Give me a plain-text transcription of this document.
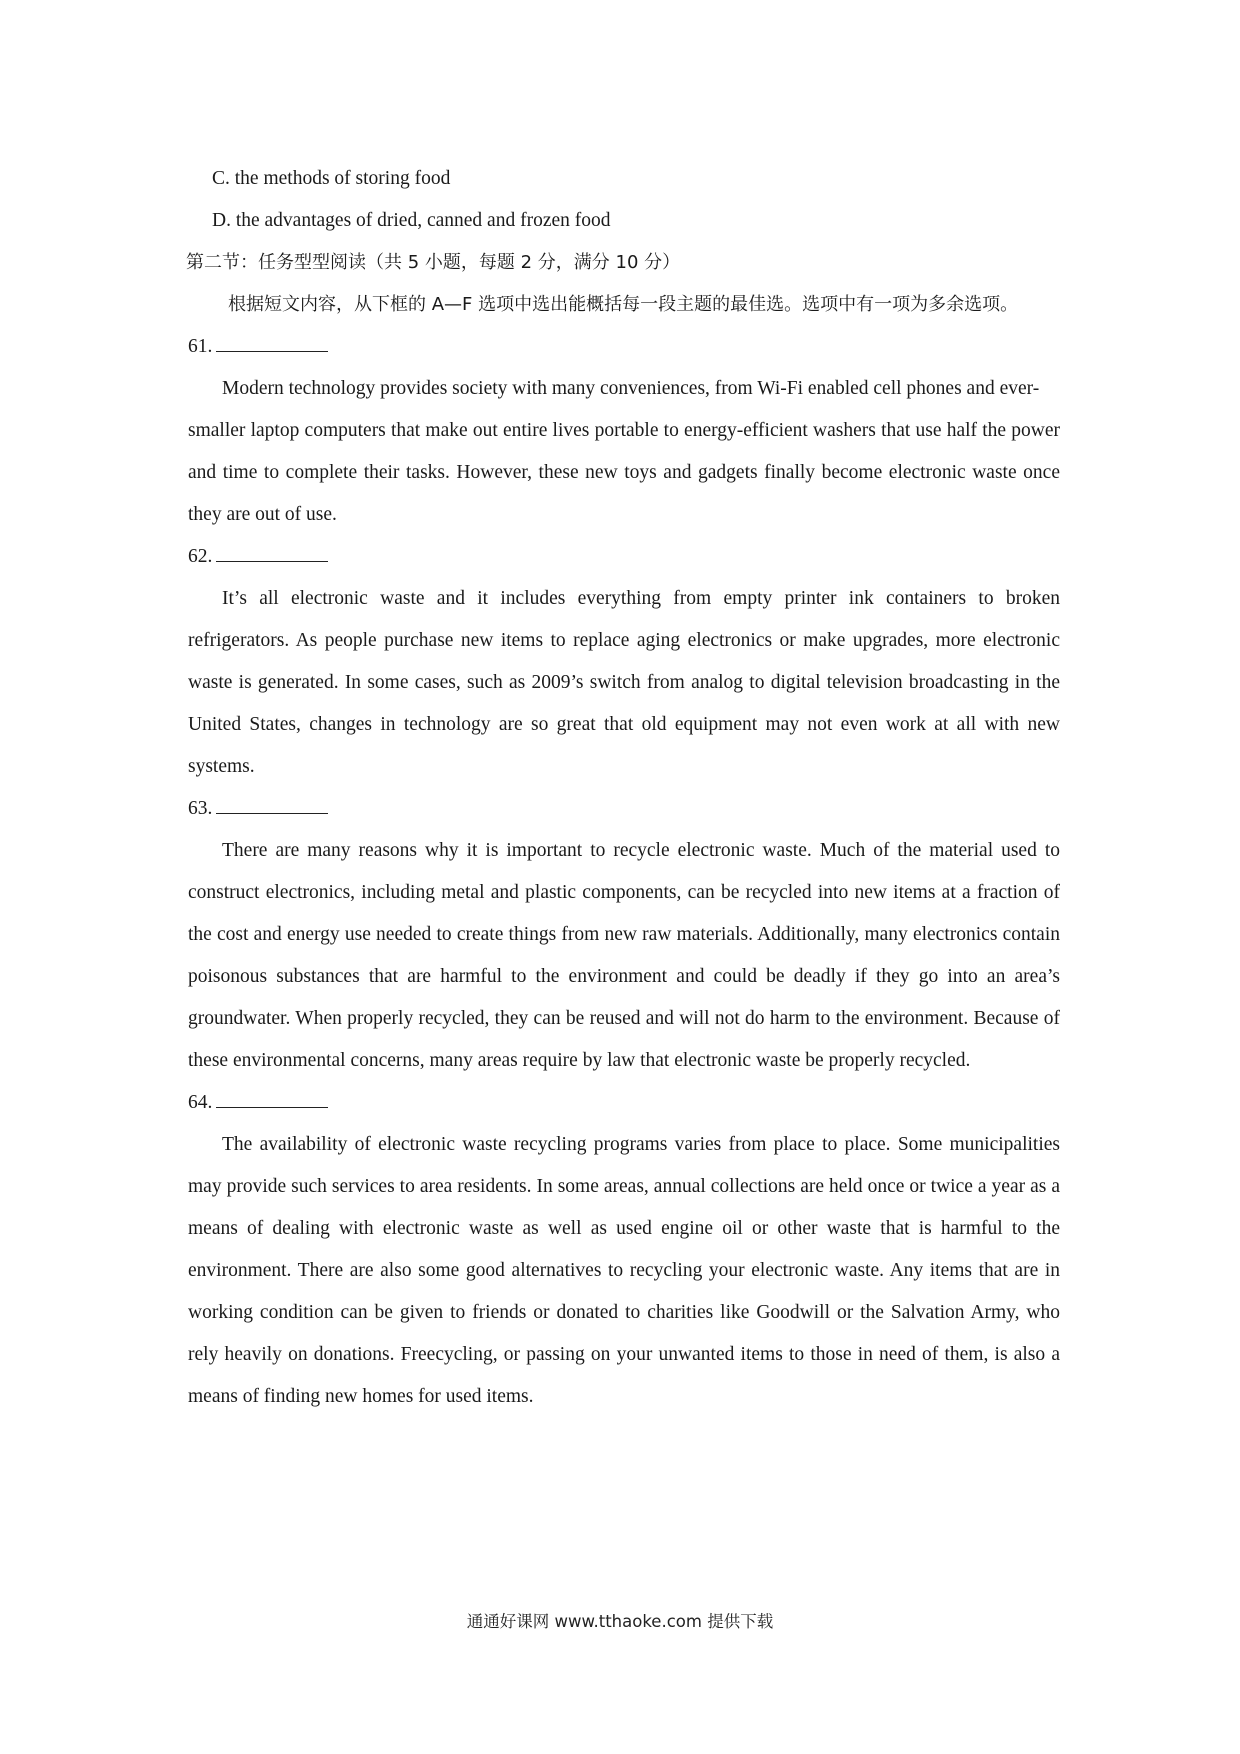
C. the methods of storing food

D. the advantages of dried, canned and frozen food

第二节：任务型型阅读（共 5 小题，每题 2 分，满分 10 分）

根据短文内容，从下框的 A—F 选项中选出能概括每一段主题的最佳选。选项中有一项为多余选项。

61.

Modern technology provides society with many conveniences, from Wi-Fi enabled cell phones and ever-

smaller laptop computers that make out entire lives portable to energy-efficient washers that use half the power and time to complete their tasks. However, these new toys and gadgets finally become electronic waste once they are out of use.

62.

It’s all electronic waste and it includes everything from empty printer ink containers to broken refrigerators. As people purchase new items to replace aging electronics or make upgrades, more electronic waste is generated. In some cases, such as 2009’s switch from analog to digital television broadcasting in the United States, changes in technology are so great that old equipment may not even work at all with new systems.

63.

There are many reasons why it is important to recycle electronic waste. Much of the material used to construct electronics, including metal and plastic components, can be recycled into new items at a fraction of the cost and energy use needed to create things from new raw materials. Additionally, many electronics contain poisonous substances that are harmful to the environment and could be deadly if they go into an area’s groundwater. When properly recycled, they can be reused and will not do harm to the environment. Because of these environmental concerns, many areas require by law that electronic waste be properly recycled.

64.

The availability of electronic waste recycling programs varies from place to place. Some municipalities may provide such services to area residents. In some areas, annual collections are held once or twice a year as a means of dealing with electronic waste as well as used engine oil or other waste that is harmful to the environment. There are also some good alternatives to recycling your electronic waste. Any items that are in working condition can be given to friends or donated to charities like Goodwill or the Salvation Army, who rely heavily on donations. Freecycling, or passing on your unwanted items to those in need of them, is also a means of finding new homes for used items.

通通好课网 www.tthaoke.com 提供下载
